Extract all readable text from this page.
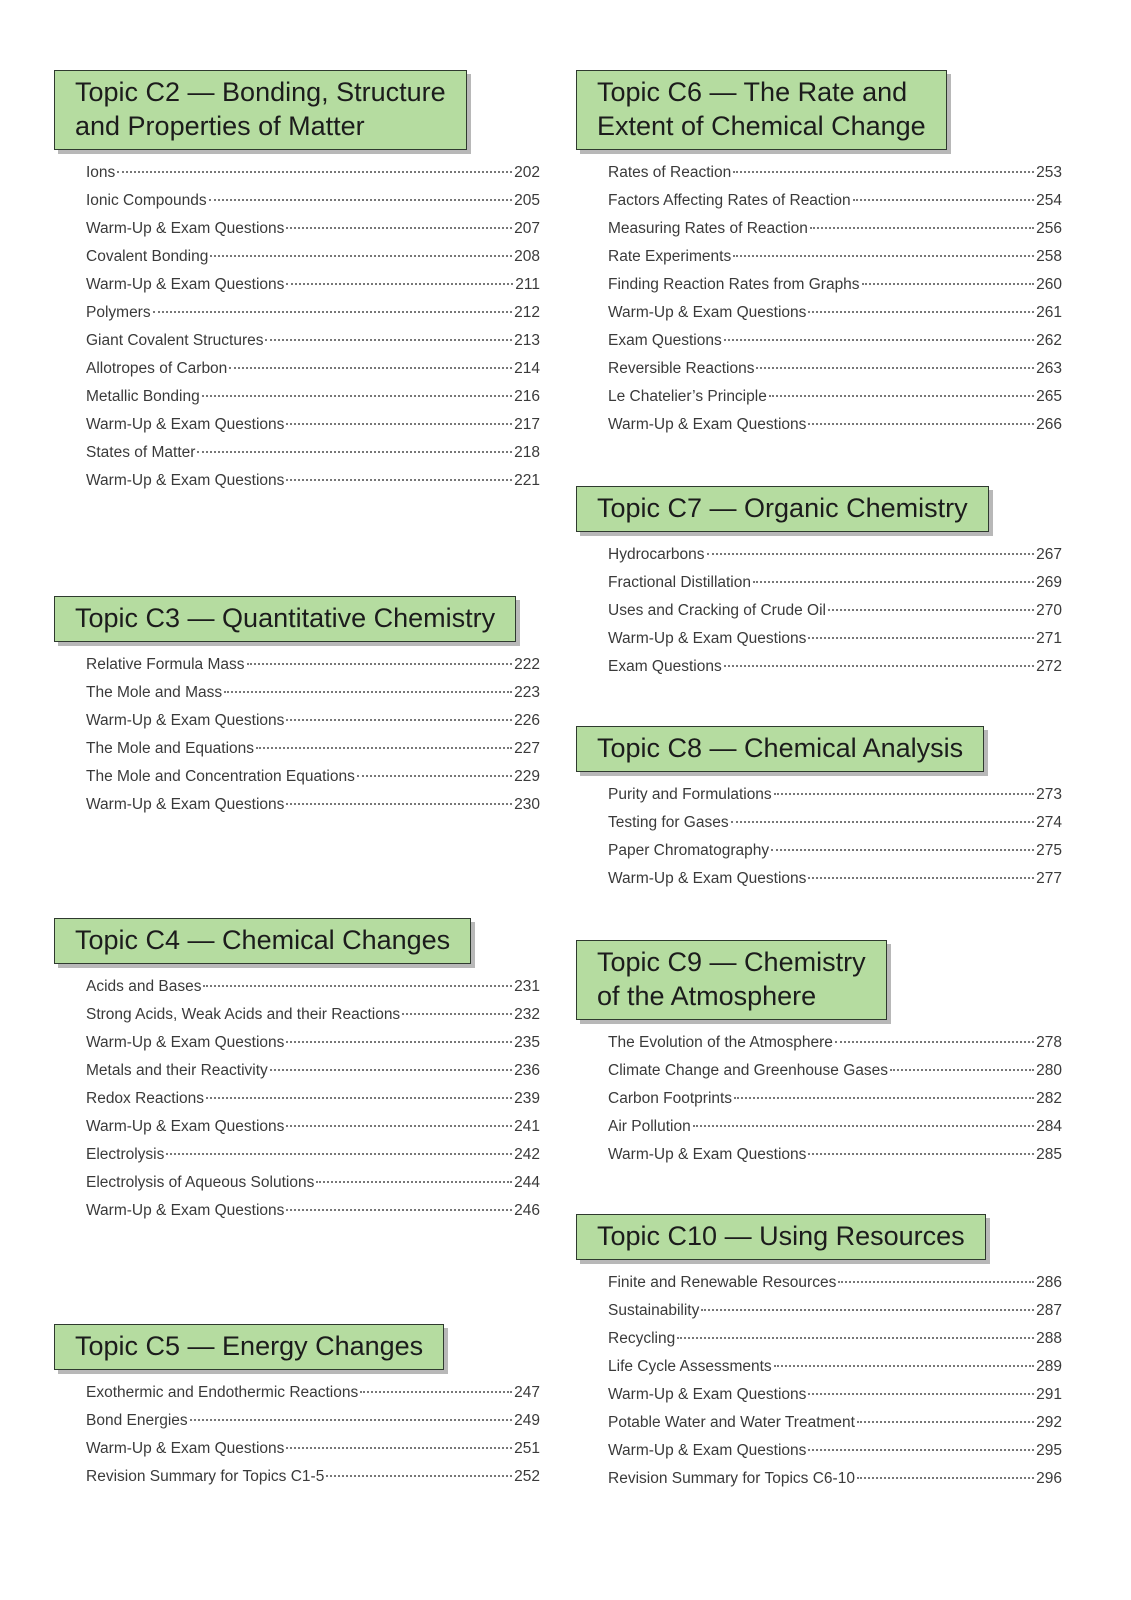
Topic C2 — Bonding, Structure
and Properties of Matter
Ions	202
Ionic Compounds	205
Warm-Up & Exam Questions	207
Covalent Bonding	208
Warm-Up & Exam Questions	211
Polymers	212
Giant Covalent Structures	213
Allotropes of Carbon	214
Metallic Bonding	216
Warm-Up & Exam Questions	217
States of Matter	218
Warm-Up & Exam Questions	221
Topic C3 — Quantitative Chemistry
Relative Formula Mass	222
The Mole and Mass	223
Warm-Up & Exam Questions	226
The Mole and Equations	227
The Mole and Concentration Equations	229
Warm-Up & Exam Questions	230
Topic C4 — Chemical Changes
Acids and Bases	231
Strong Acids, Weak Acids and their Reactions	232
Warm-Up & Exam Questions	235
Metals and their Reactivity	236
Redox Reactions	239
Warm-Up & Exam Questions	241
Electrolysis	242
Electrolysis of Aqueous Solutions	244
Warm-Up & Exam Questions	246
Topic C5 — Energy Changes
Exothermic and Endothermic Reactions	247
Bond Energies	249
Warm-Up & Exam Questions	251
Revision Summary for Topics C1-5	252
Topic C6 — The Rate and
Extent of Chemical Change
Rates of Reaction	253
Factors Affecting Rates of Reaction	254
Measuring Rates of Reaction	256
Rate Experiments	258
Finding Reaction Rates from Graphs	260
Warm-Up & Exam Questions	261
Exam Questions	262
Reversible Reactions	263
Le Chatelier’s Principle	265
Warm-Up & Exam Questions	266
Topic C7 — Organic Chemistry
Hydrocarbons	267
Fractional Distillation	269
Uses and Cracking of Crude Oil	270
Warm-Up & Exam Questions	271
Exam Questions	272
Topic C8 — Chemical Analysis
Purity and Formulations	273
Testing for Gases	274
Paper Chromatography	275
Warm-Up & Exam Questions	277
Topic C9 — Chemistry
of the Atmosphere
The Evolution of the Atmosphere	278
Climate Change and Greenhouse Gases	280
Carbon Footprints	282
Air Pollution	284
Warm-Up & Exam Questions	285
Topic C10 — Using Resources
Finite and Renewable Resources	286
Sustainability	287
Recycling	288
Life Cycle Assessments	289
Warm-Up & Exam Questions	291
Potable Water and Water Treatment	292
Warm-Up & Exam Questions	295
Revision Summary for Topics C6-10	296
